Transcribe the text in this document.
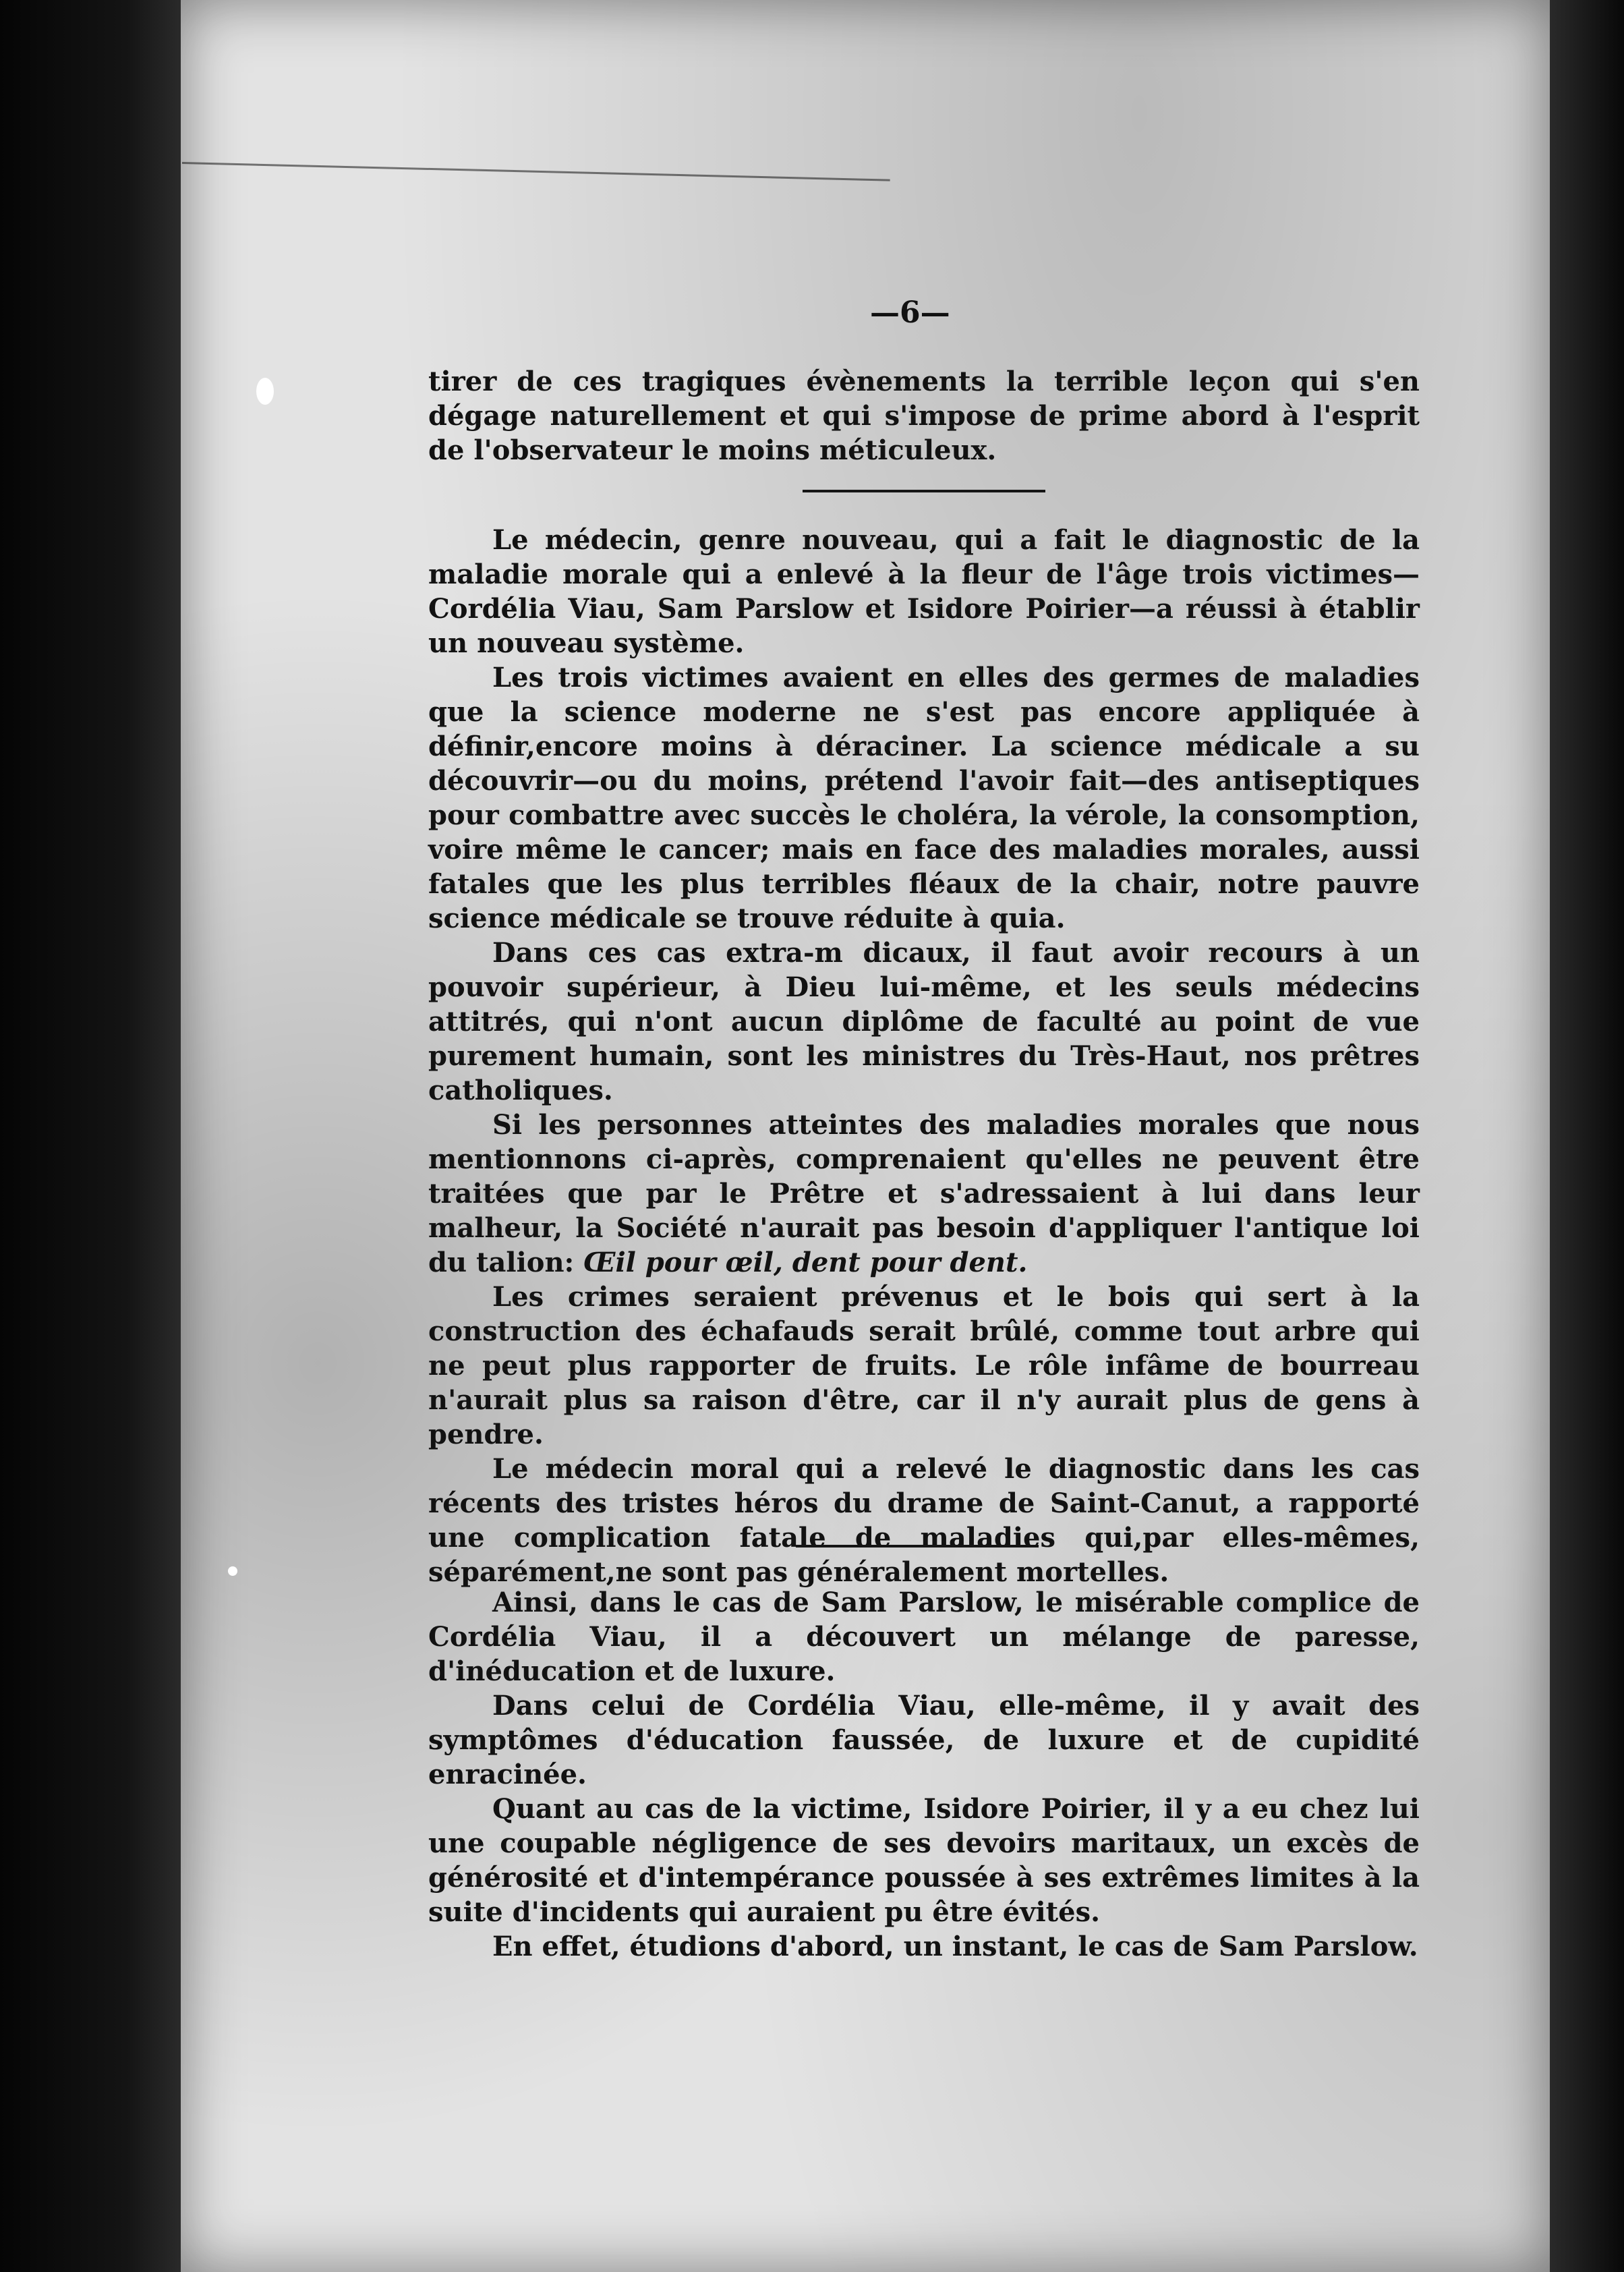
—6—

tirer de ces tragiques évènements la terrible leçon qui s'en dégage naturellement et qui s'impose de prime abord à l'esprit de l'observateur le moins méticuleux.

Le médecin, genre nouveau, qui a fait le diagnostic de la maladie morale qui a enlevé à la fleur de l'âge trois victimes—Cordélia Viau, Sam Parslow et Isidore Poirier—a réussi à établir un nouveau système.

Les trois victimes avaient en elles des germes de maladies que la science moderne ne s'est pas encore appliquée à définir,encore moins à déraciner. La science médicale a su découvrir—ou du moins, prétend l'avoir fait—des antiseptiques pour combattre avec succès le choléra, la vérole, la consomption, voire même le cancer; mais en face des maladies morales, aussi fatales que les plus terribles fléaux de la chair, notre pauvre science médicale se trouve réduite à quia.

Dans ces cas extra-m dicaux, il faut avoir recours à un pouvoir supérieur, à Dieu lui-même, et les seuls médecins attitrés, qui n'ont aucun diplôme de faculté au point de vue purement humain, sont les ministres du Très-Haut, nos prêtres catholiques.

Si les personnes atteintes des maladies morales que nous mentionnons ci-après, comprenaient qu'elles ne peuvent être traitées que par le Prêtre et s'adressaient à lui dans leur malheur, la Société n'aurait pas besoin d'appliquer l'antique loi du talion: Œil pour œil, dent pour dent.

Les crimes seraient prévenus et le bois qui sert à la construction des échafauds serait brûlé, comme tout arbre qui ne peut plus rapporter de fruits. Le rôle infâme de bourreau n'aurait plus sa raison d'être, car il n'y aurait plus de gens à pendre.

Le médecin moral qui a relevé le diagnostic dans les cas récents des tristes héros du drame de Saint-Canut, a rapporté une complication fatale de maladies qui,par elles-mêmes, séparément,ne sont pas généralement mortelles.

Ainsi, dans le cas de Sam Parslow, le misérable complice de Cordélia Viau, il a découvert un mélange de paresse, d'inéducation et de luxure.

Dans celui de Cordélia Viau, elle-même, il y avait des symptômes d'éducation faussée, de luxure et de cupidité enracinée.

Quant au cas de la victime, Isidore Poirier, il y a eu chez lui une coupable négligence de ses devoirs maritaux, un excès de générosité et d'intempérance poussée à ses extrêmes limites à la suite d'incidents qui auraient pu être évités.

En effet, étudions d'abord, un instant, le cas de Sam Parslow.
